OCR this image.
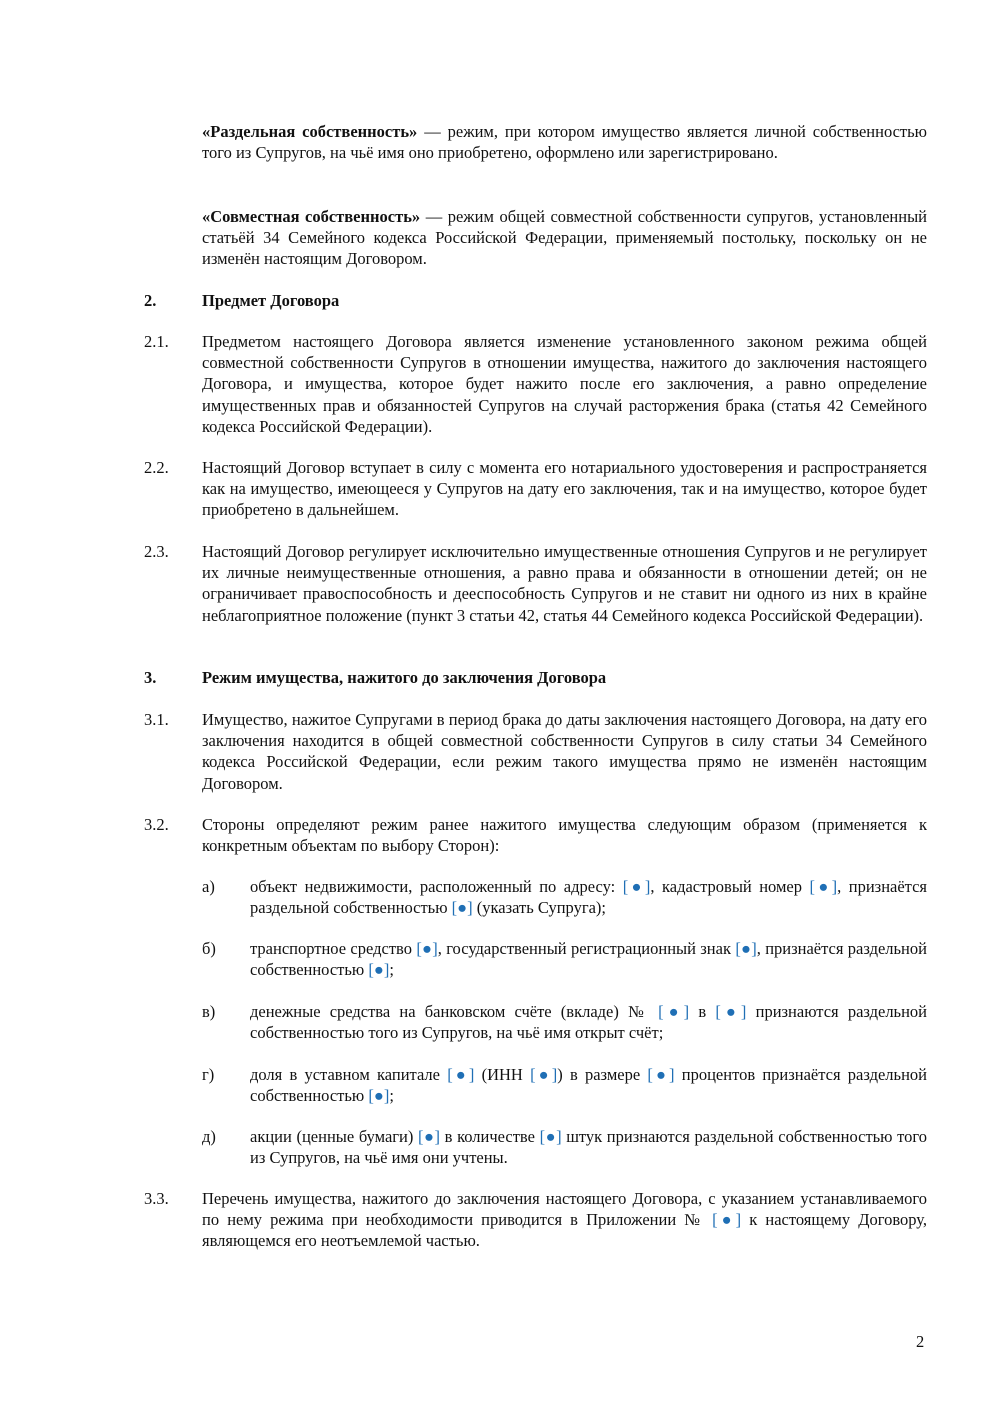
«Раздельная собственность» — режим, при котором имущество является личной собственностью того из Супругов, на чьё имя оно приобретено, оформлено или зарегистрировано.

«Совместная собственность» — режим общей совместной собственности супругов, установленный статьёй 34 Семейного кодекса Российской Федерации, применяемый постольку, поскольку он не изменён настоящим Договором.

2.	Предмет Договора

2.1. Предметом настоящего Договора является изменение установленного законом режима общей совместной собственности Супругов в отношении имущества, нажитого до заключения настоящего Договора, и имущества, которое будет нажито после его заключения, а равно определение имущественных прав и обязанностей Супругов на случай расторжения брака (статья 42 Семейного кодекса Российской Федерации).

2.2. Настоящий Договор вступает в силу с момента его нотариального удостоверения и распространяется как на имущество, имеющееся у Супругов на дату его заключения, так и на имущество, которое будет приобретено в дальнейшем.

2.3. Настоящий Договор регулирует исключительно имущественные отношения Супругов и не регулирует их личные неимущественные отношения, а равно права и обязанности в отношении детей; он не ограничивает правоспособность и дееспособность Супругов и не ставит ни одного из них в крайне неблагоприятное положение (пункт 3 статьи 42, статья 44 Семейного кодекса Российской Федерации).

3.	Режим имущества, нажитого до заключения Договора

3.1. Имущество, нажитое Супругами в период брака до даты заключения настоящего Договора, на дату его заключения находится в общей совместной собственности Супругов в силу статьи 34 Семейного кодекса Российской Федерации, если режим такого имущества прямо не изменён настоящим Договором.

3.2. Стороны определяют режим ранее нажитого имущества следующим образом (применяется к конкретным объектам по выбору Сторон):

а) объект недвижимости, расположенный по адресу: [●], кадастровый номер [●], признаётся раздельной собственностью [●] (указать Супруга);

б) транспортное средство [●], государственный регистрационный знак [●], признаётся раздельной собственностью [●];

в) денежные средства на банковском счёте (вкладе) № [●] в [●] признаются раздельной собственностью того из Супругов, на чьё имя открыт счёт;

г) доля в уставном капитале [●] (ИНН [●]) в размере [●] процентов признаётся раздельной собственностью [●];

д) акции (ценные бумаги) [●] в количестве [●] штук признаются раздельной собственностью того из Супругов, на чьё имя они учтены.

3.3. Перечень имущества, нажитого до заключения настоящего Договора, с указанием устанавливаемого по нему режима при необходимости приводится в Приложении № [●] к настоящему Договору, являющемся его неотъемлемой частью.

2
